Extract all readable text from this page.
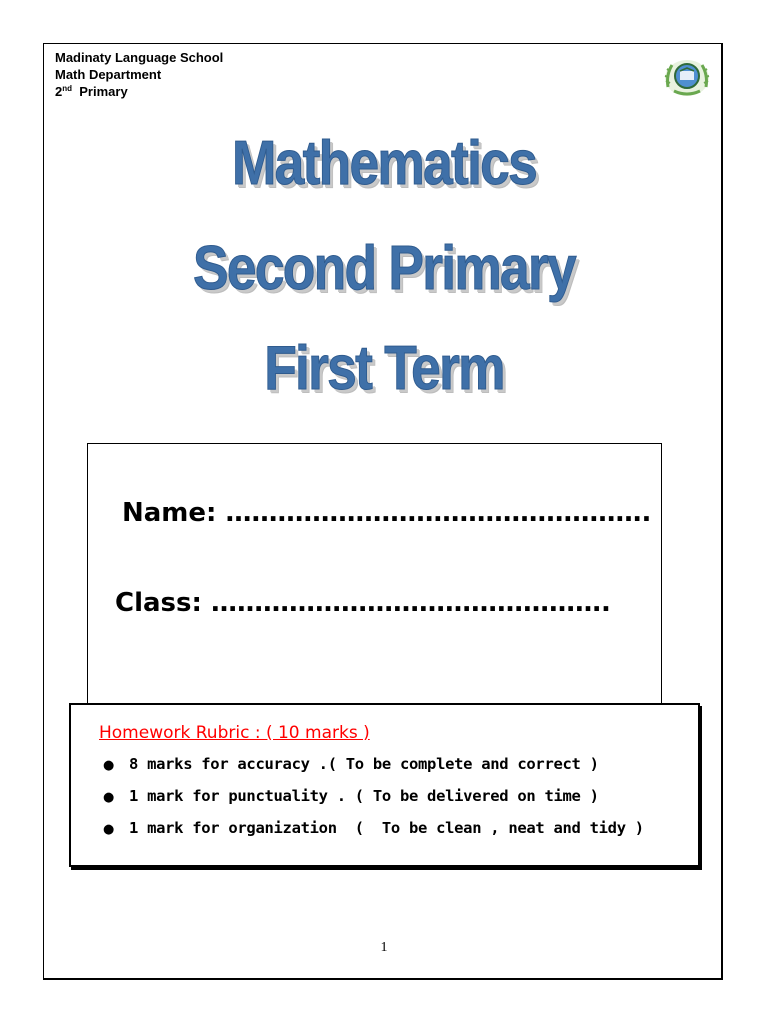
Madinaty Language School
Math Department
2nd Primary
Mathematics
Second Primary
First Term
Name: ………………………………………….
Class: ……………………………………….
Homework Rubric : ( 10 marks )
● 8 marks for accuracy .( To be complete and correct )
● 1 mark for punctuality . ( To be delivered on time )
● 1 mark for organization  (  To be clean , neat and tidy )
1
